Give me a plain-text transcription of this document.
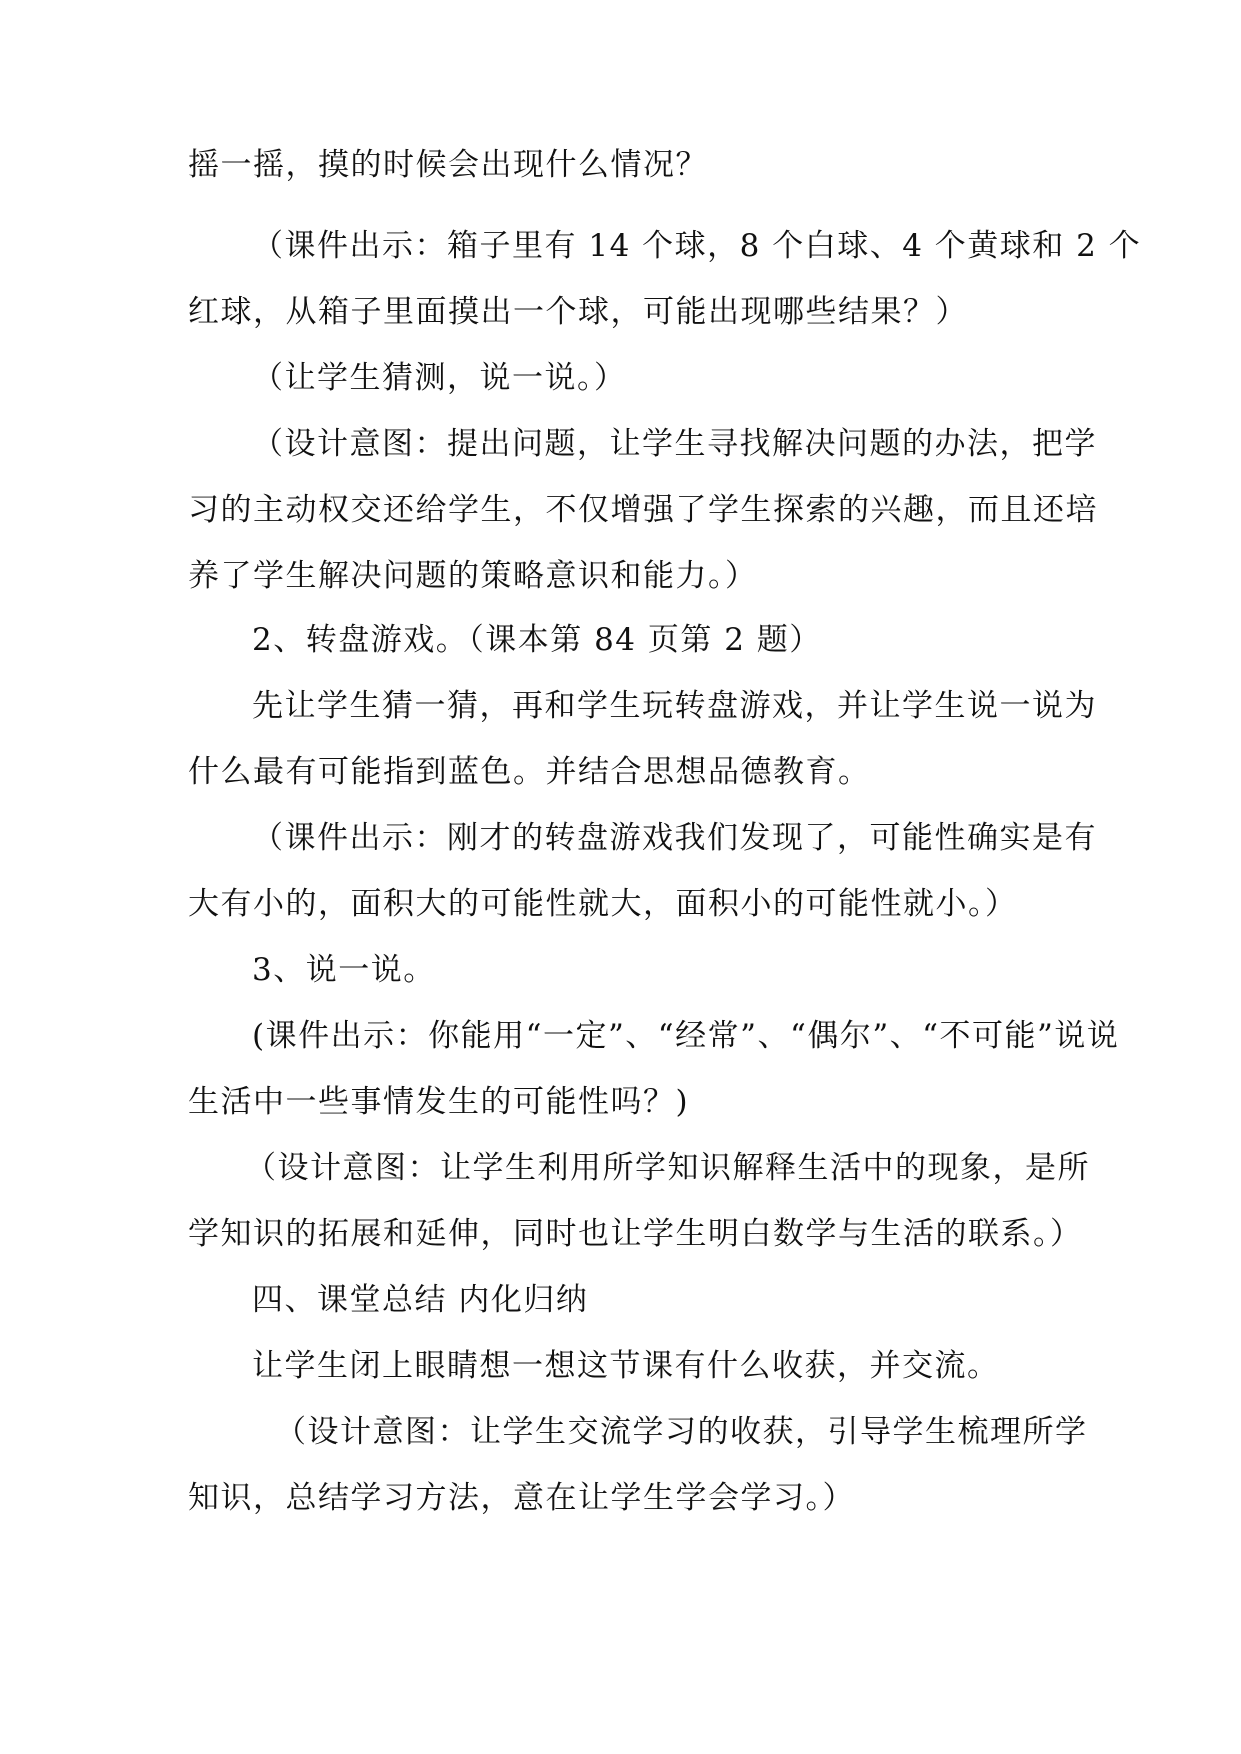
摇一摇，摸的时候会出现什么情况？
（课件出示：箱子里有 14 个球，8 个白球、4 个黄球和 2 个
红球，从箱子里面摸出一个球，可能出现哪些结果？）
（让学生猜测，说一说。）
（设计意图：提出问题，让学生寻找解决问题的办法，把学
习的主动权交还给学生，不仅增强了学生探索的兴趣，而且还培
养了学生解决问题的策略意识和能力。）
2、转盘游戏。（课本第 84 页第 2 题）
先让学生猜一猜，再和学生玩转盘游戏，并让学生说一说为
什么最有可能指到蓝色。并结合思想品德教育。
（课件出示：刚才的转盘游戏我们发现了，可能性确实是有
大有小的，面积大的可能性就大，面积小的可能性就小。）
3、说一说。
(课件出示：你能用“一定”、“经常”、“偶尔”、“不可能”说说
生活中一些事情发生的可能性吗？)
（设计意图：让学生利用所学知识解释生活中的现象，是所
学知识的拓展和延伸，同时也让学生明白数学与生活的联系。）
四、课堂总结 内化归纳
让学生闭上眼睛想一想这节课有什么收获，并交流。
（设计意图：让学生交流学习的收获，引导学生梳理所学
知识，总结学习方法，意在让学生学会学习。）
